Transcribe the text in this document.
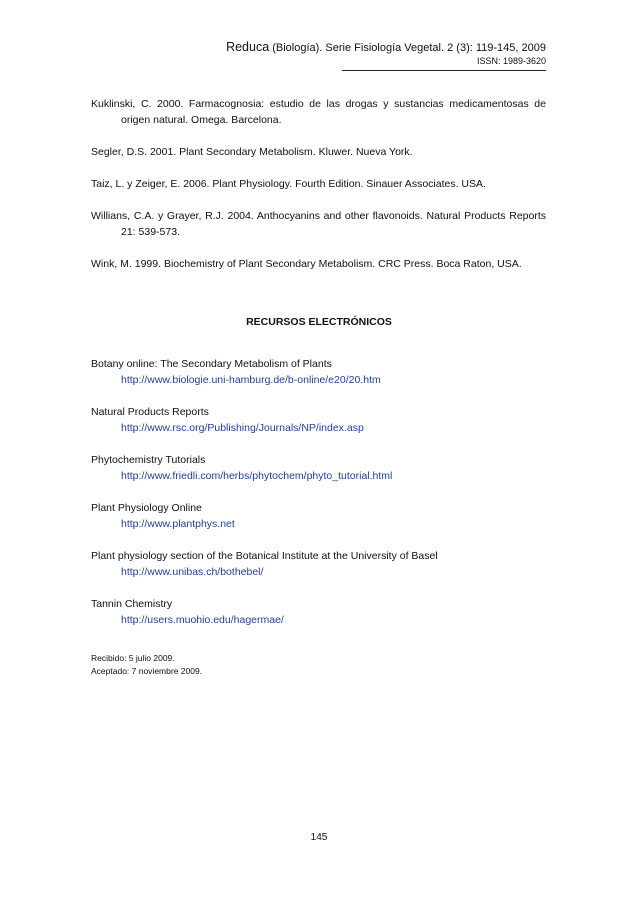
Reduca (Biología). Serie Fisiología Vegetal. 2 (3): 119-145, 2009
ISSN: 1989-3620

Kuklinski, C. 2000. Farmacognosia: estudio de las drogas y sustancias medicamentosas de origen natural. Omega. Barcelona.

Segler, D.S. 2001. Plant Secondary Metabolism. Kluwer. Nueva York.

Taiz, L. y Zeiger, E. 2006. Plant Physiology. Fourth Edition. Sinauer Associates. USA.

Willians, C.A. y Grayer, R.J. 2004. Anthocyanins and other flavonoids. Natural Products Reports 21: 539-573.

Wink, M. 1999. Biochemistry of Plant Secondary Metabolism. CRC Press. Boca Raton, USA.

RECURSOS ELECTRÓNICOS
Botany online: The Secondary Metabolism of Plants
http://www.biologie.uni-hamburg.de/b-online/e20/20.htm
Natural Products Reports
http://www.rsc.org/Publishing/Journals/NP/index.asp
Phytochemistry Tutorials
http://www.friedli.com/herbs/phytochem/phyto_tutorial.html
Plant Physiology Online
http://www.plantphys.net
Plant physiology section of the Botanical Institute at the University of Basel
http://www.unibas.ch/bothebel/
Tannin Chemistry
http://users.muohio.edu/hagermae/
Recibido: 5 julio 2009.
Aceptado: 7 noviembre 2009.
145
